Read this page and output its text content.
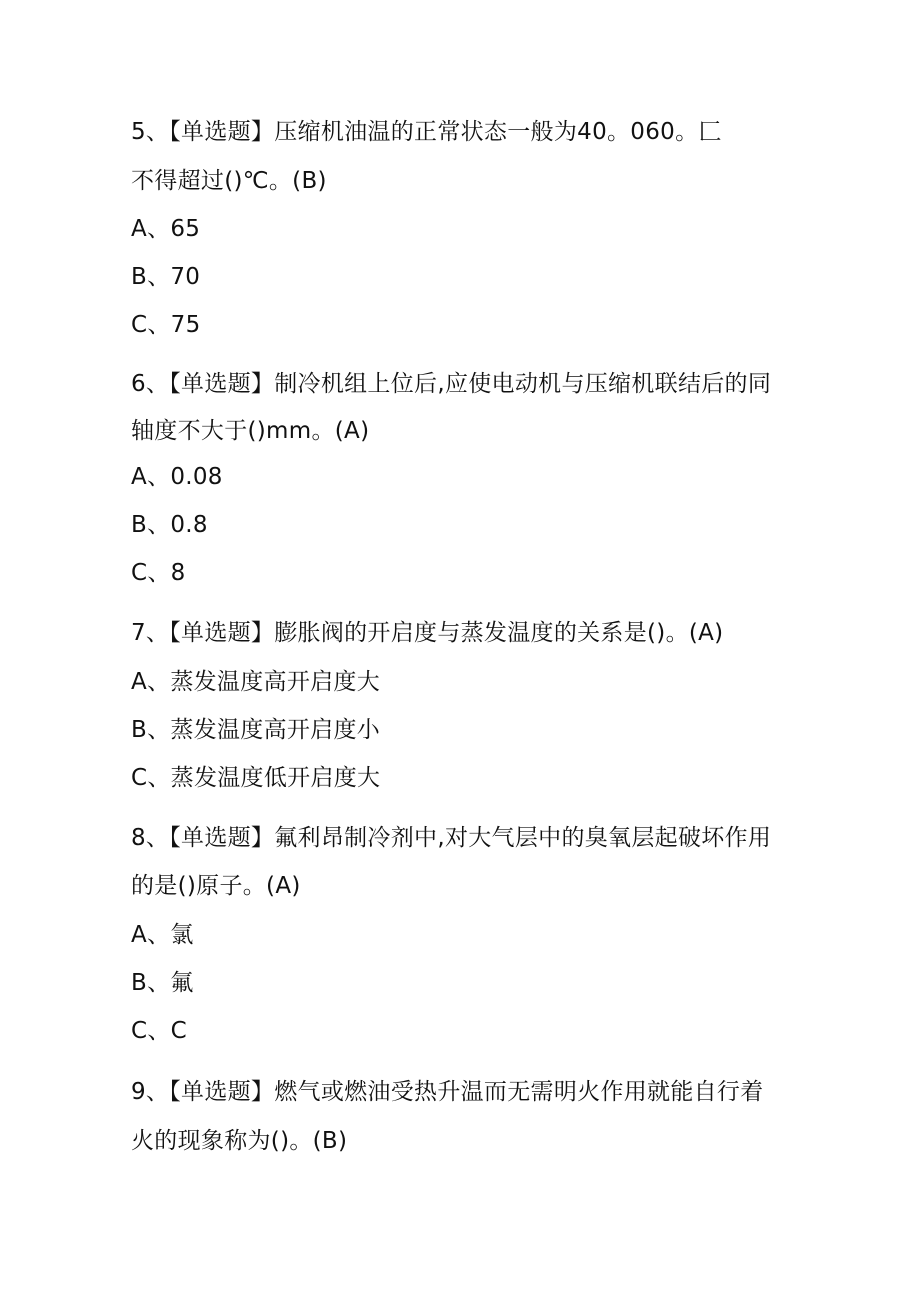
5、【单选题】压缩机油温的正常状态一般为40。060。匚
不得超过()℃。(B)
A、65
B、70
C、75
6、【单选题】制冷机组上位后,应使电动机与压缩机联结后的同
轴度不大于()mm。(A)
A、0.08
B、0.8
C、8
7、【单选题】膨胀阀的开启度与蒸发温度的关系是()。(A)
A、蒸发温度高开启度大
B、蒸发温度高开启度小
C、蒸发温度低开启度大
8、【单选题】氟利昂制冷剂中,对大气层中的臭氧层起破坏作用
的是()原子。(A)
A、氯
B、氟
C、C
9、【单选题】燃气或燃油受热升温而无需明火作用就能自行着
火的现象称为()。(B)
